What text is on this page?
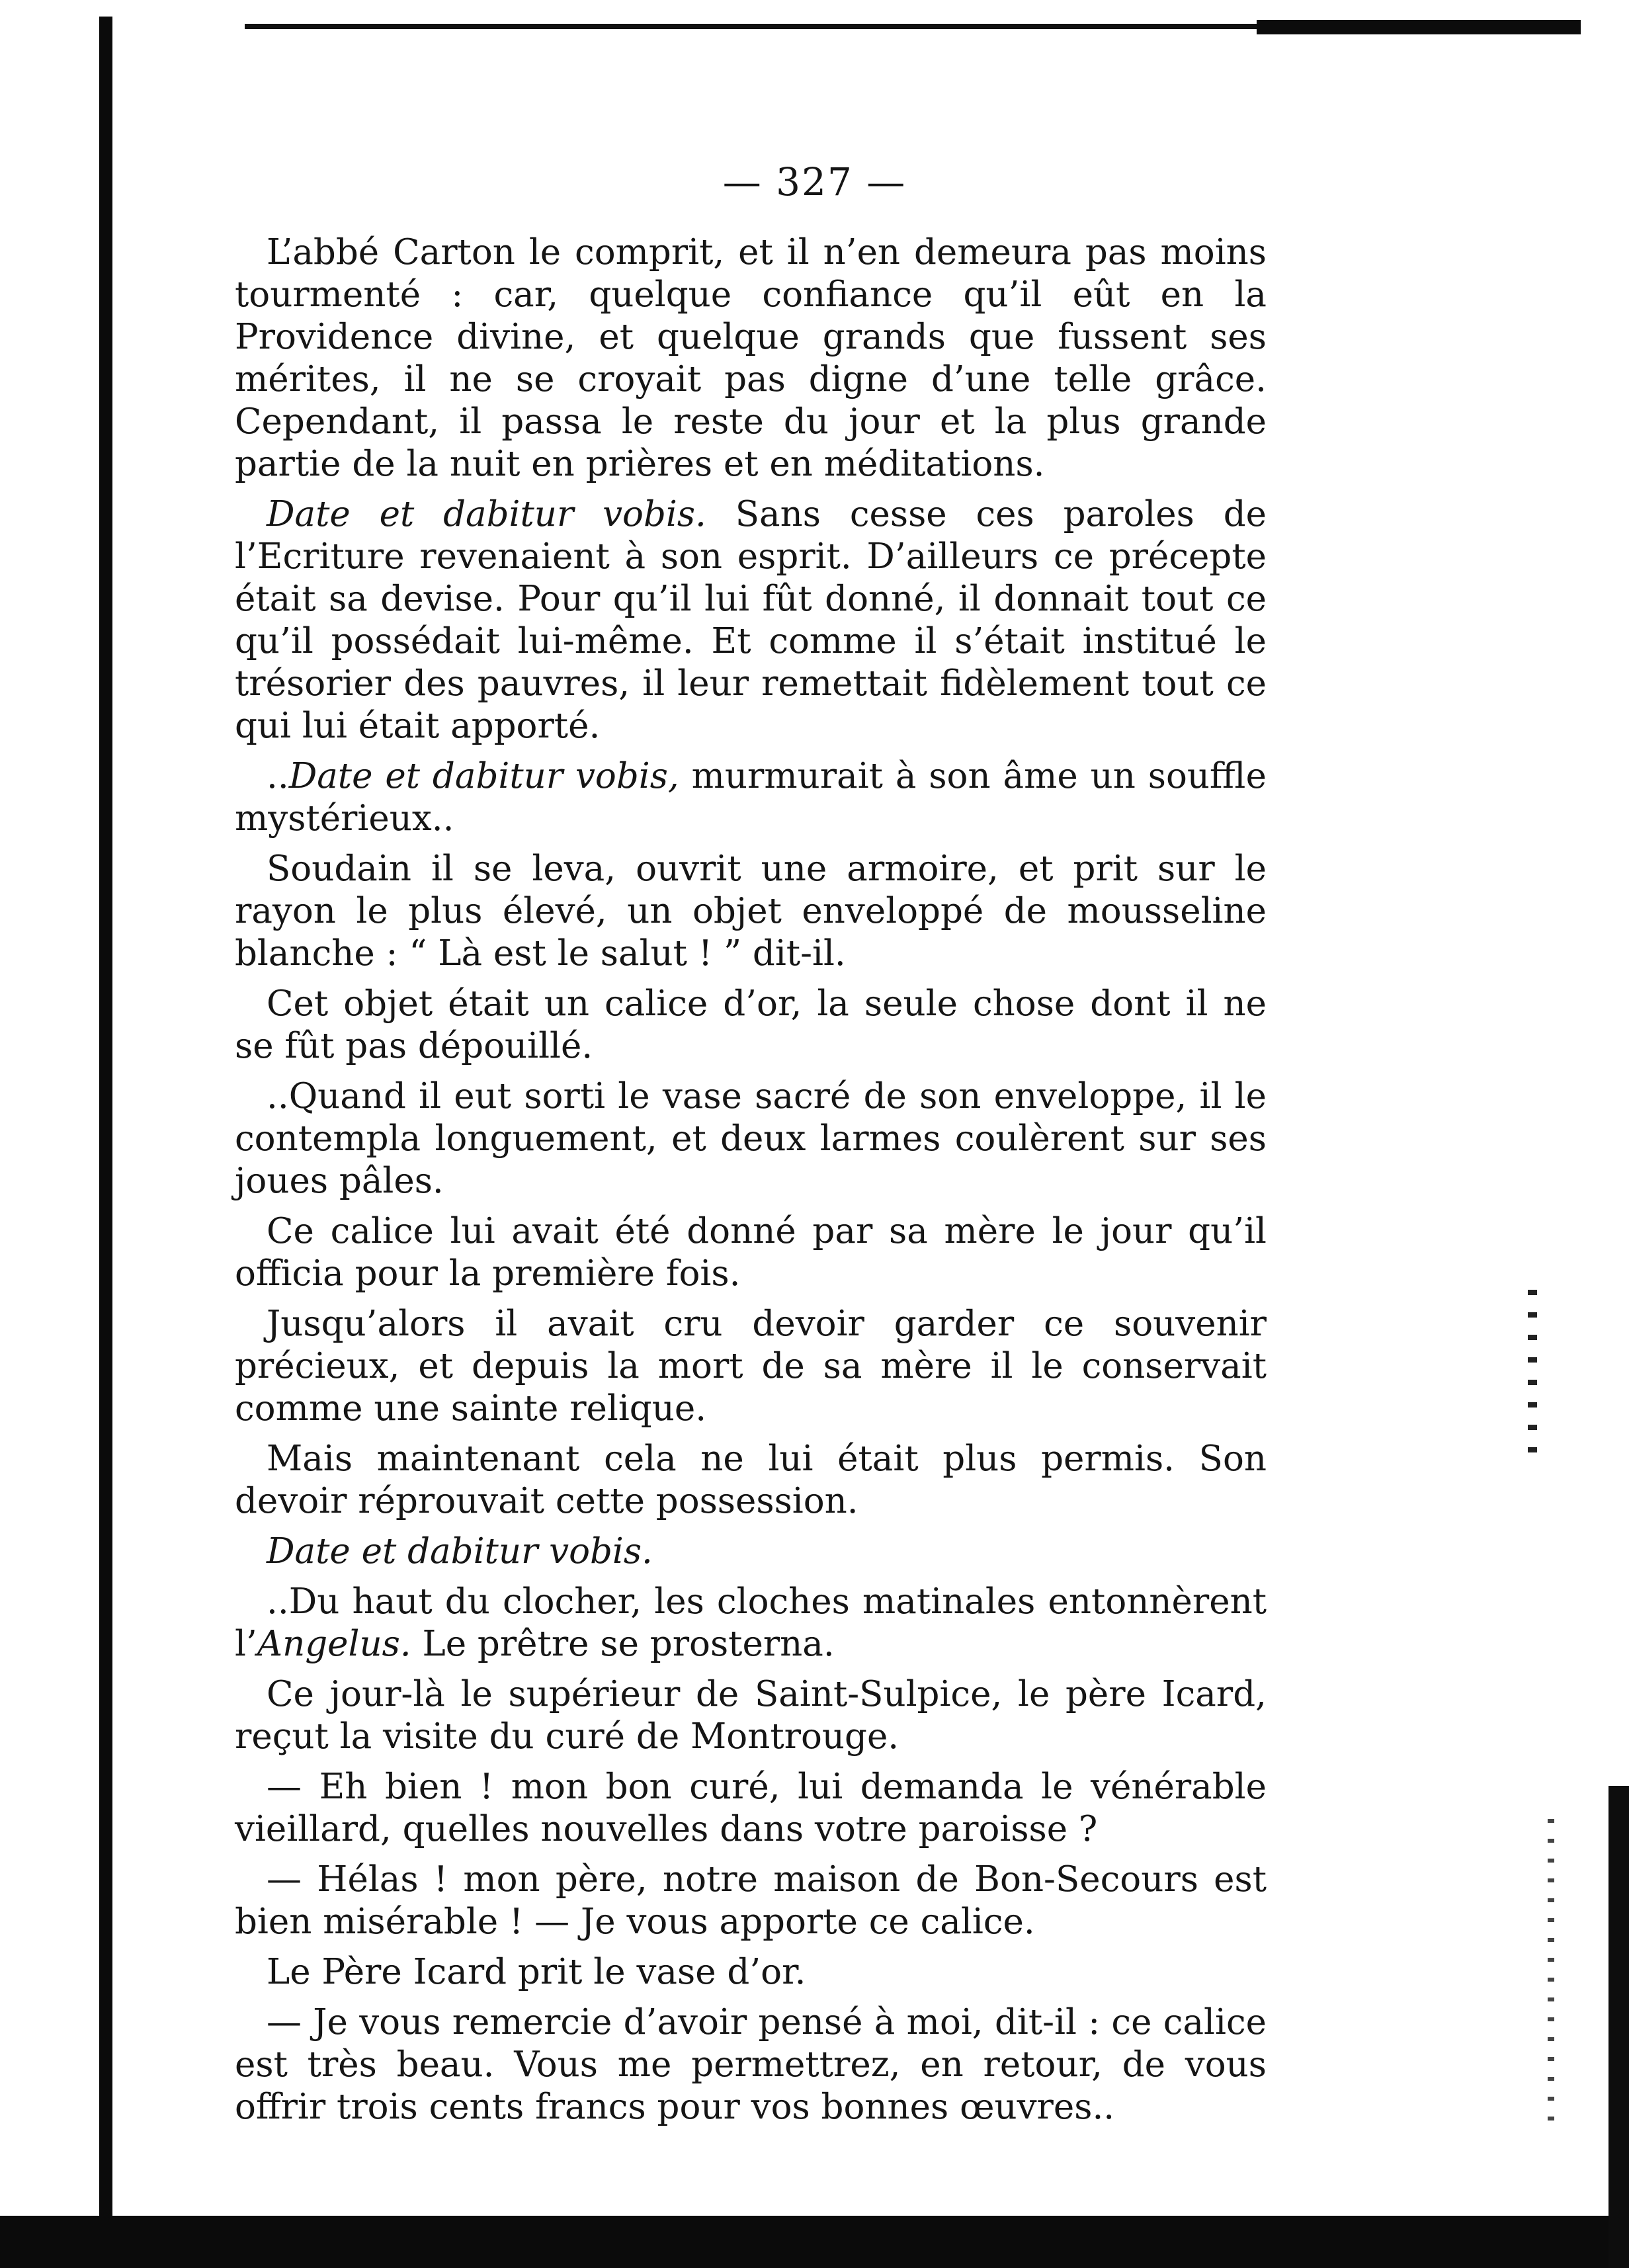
— 327 —

L’abbé Carton le comprit, et il n’en demeura pas moins tourmenté : car, quelque confiance qu’il eût en la Providence divine, et quelque grands que fussent ses mérites, il ne se croyait pas digne d’une telle grâce. Cependant, il passa le reste du jour et la plus grande partie de la nuit en prières et en méditations.

Date et dabitur vobis. Sans cesse ces paroles de l’Ecriture revenaient à son esprit. D’ailleurs ce précepte était sa devise. Pour qu’il lui fût donné, il donnait tout ce qu’il possédait lui-même. Et comme il s’était institué le trésorier des pauvres, il leur remettait fidèlement tout ce qui lui était apporté.

..Date et dabitur vobis, murmurait à son âme un souffle mystérieux..

Soudain il se leva, ouvrit une armoire, et prit sur le rayon le plus élevé, un objet enveloppé de mousseline blanche : “ Là est le salut ! ” dit-il.

Cet objet était un calice d’or, la seule chose dont il ne se fût pas dépouillé.

..Quand il eut sorti le vase sacré de son enveloppe, il le contempla longuement, et deux larmes coulèrent sur ses joues pâles.

Ce calice lui avait été donné par sa mère le jour qu’il officia pour la première fois.

Jusqu’alors il avait cru devoir garder ce souvenir précieux, et depuis la mort de sa mère il le conservait comme une sainte relique.

Mais maintenant cela ne lui était plus permis. Son devoir réprouvait cette possession.

Date et dabitur vobis.

..Du haut du clocher, les cloches matinales entonnèrent l’Angelus. Le prêtre se prosterna.

Ce jour-là le supérieur de Saint-Sulpice, le père Icard, reçut la visite du curé de Montrouge.

— Eh bien ! mon bon curé, lui demanda le vénérable vieillard, quelles nouvelles dans votre paroisse ?

— Hélas ! mon père, notre maison de Bon-Secours est bien misérable ! — Je vous apporte ce calice.

Le Père Icard prit le vase d’or.

— Je vous remercie d’avoir pensé à moi, dit-il : ce calice est très beau. Vous me permettrez, en retour, de vous offrir trois cents francs pour vos bonnes œuvres..
